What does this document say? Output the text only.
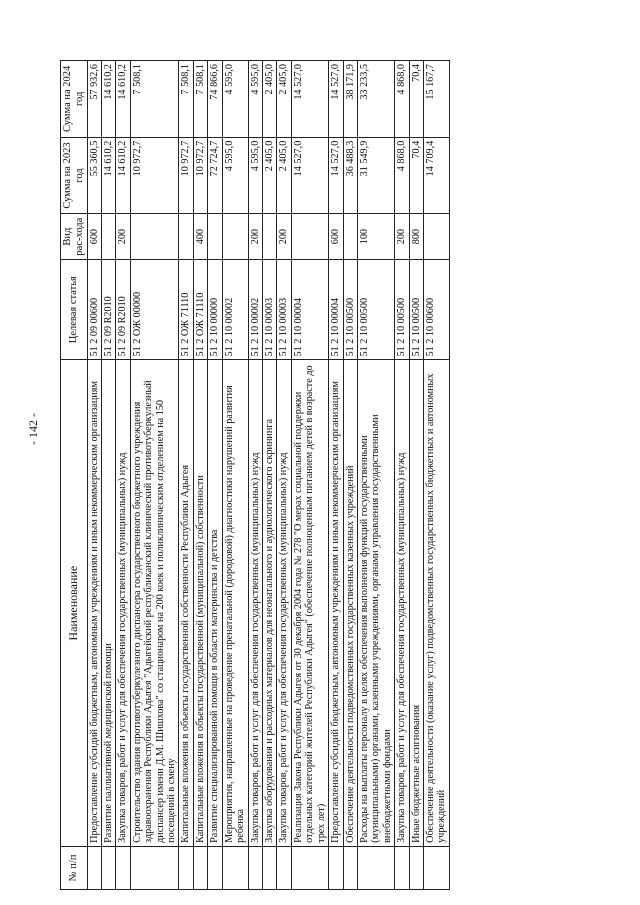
- 142 -
№ п/п	Наименование	Целевая статья	Вид рас-хода	Сумма на 2023 год	Сумма на 2024 год
	Предоставление субсидий бюджетным, автономным учреждениям и иным некоммерческим организациям	51 2 09 00600	600	55 360,5	57 932,6
	Развитие паллиативной медицинской помощи	51 2 09 R2010		14 610,2	14 610,2
	Закупка товаров, работ и услуг для обеспечения государственных (муниципальных) нужд	51 2 09 R2010	200	14 610,2	14 610,2
	Строительство здания противотуберкулезного диспансера государственного бюджетного учреждения здравоохранения Республики Адыгея "Адыгейский республиканский клинический противотуберкулезный диспансер имени Д.М. Шишхова" со стационаром на 200 коек и поликлиническим отделением на 150 посещений в смену	51 2 ОЖ 00000		10 972,7	7 508,1
	Капитальные вложения в объекты государственной собственности Республики Адыгея	51 2 ОЖ 71110		10 972,7	7 508,1
	Капитальные вложения в объекты государственной (муниципальной) собственности	51 2 ОЖ 71110	400	10 972,7	7 508,1
	Развитие специализированной помощи в области материнства и детства	51 2 10 00000		72 724,7	74 866,6
	Мероприятия, направленные на проведение пренатальной (дородовой) диагностики нарушений развития ребенка	51 2 10 00002		4 595,0	4 595,0
	Закупка товаров, работ и услуг для обеспечения государственных (муниципальных) нужд	51 2 10 00002	200	4 595,0	4 595,0
	Закупка оборудования и расходных материалов для неонатального и аудиологического скрининга	51 2 10 00003		2 405,0	2 405,0
	Закупка товаров, работ и услуг для обеспечения государственных (муниципальных) нужд	51 2 10 00003	200	2 405,0	2 405,0
	Реализация Закона Республики Адыгея от 30 декабря 2004 года № 278 "О мерах социальной поддержки отдельных категорий жителей Республики Адыгея" (обеспечение полноценным питанием детей в возрасте до трех лет)	51 2 10 00004		14 527,0	14 527,0
	Предоставление субсидий бюджетным, автономным учреждениям и иным некоммерческим организациям	51 2 10 00004	600	14 527,0	14 527,0
	Обеспечение деятельности подведомственных государственных казенных учреждений	51 2 10 00500		36 488,3	38 171,9
	Расходы на выплаты персоналу в целях обеспечения выполнения функций государственными (муниципальными) органами, казенными учреждениями, органами управления государственными внебюджетными фондами	51 2 10 00500	100	31 549,9	33 233,5
	Закупка товаров, работ и услуг для обеспечения государственных (муниципальных) нужд	51 2 10 00500	200	4 868,0	4 868,0
	Иные бюджетные ассигнования	51 2 10 00500	800	70,4	70,4
	Обеспечение деятельности (оказание услуг) подведомственных государственных бюджетных и автономных учреждений	51 2 10 00600		14 709,4	15 167,7
